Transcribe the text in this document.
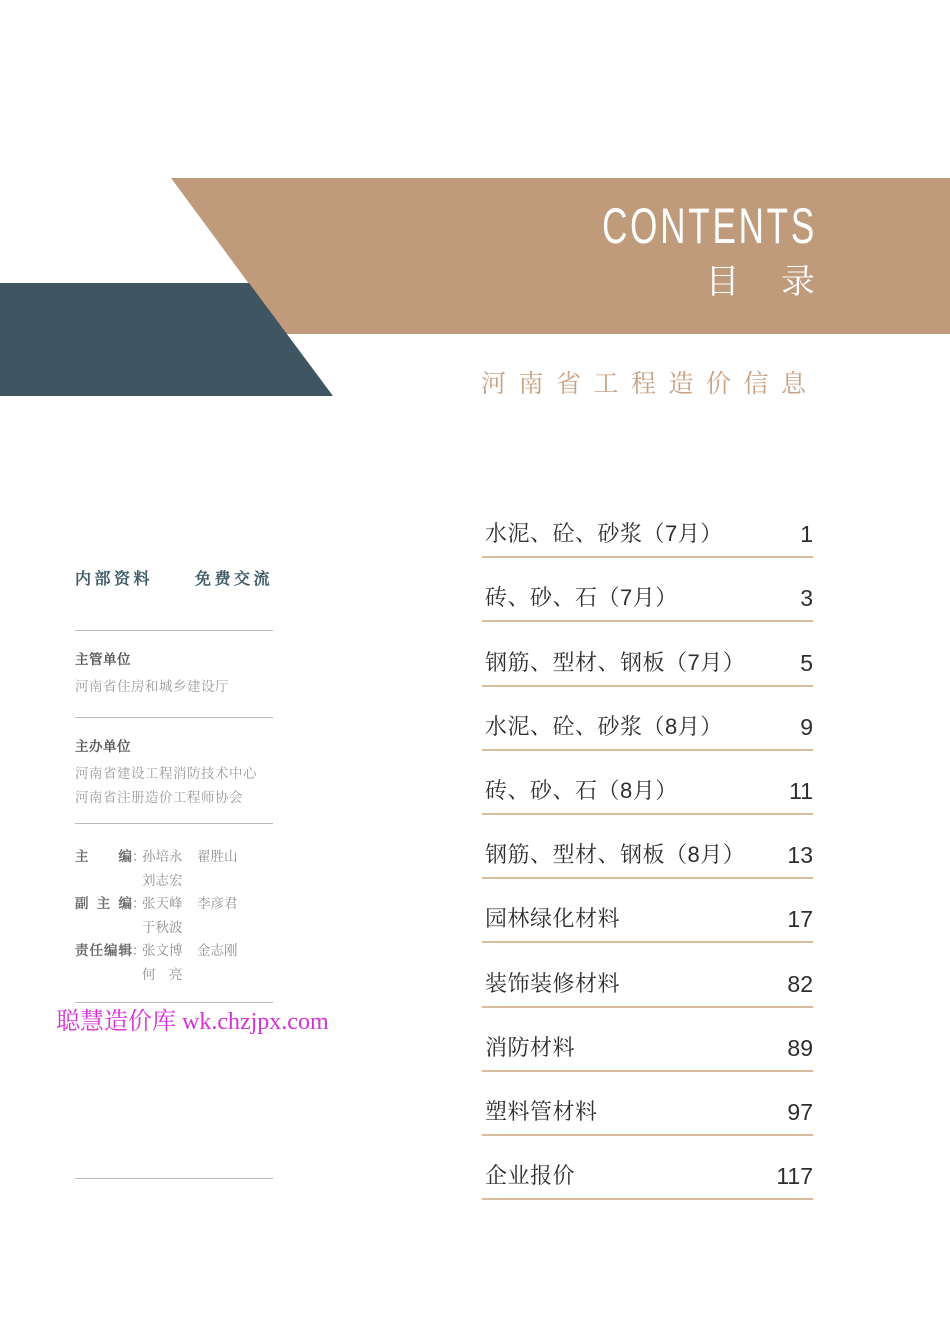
CONTENTS
目 录
河南省工程造价信息
内部资料	免费交流
主管单位
河南省住房和城乡建设厅
主办单位
河南省建设工程消防技术中心
河南省注册造价工程师协会
主编：孙培永 翟胜山
刘志宏
副主编：张天峰 李彦君
于秋波
责任编辑：张文博 金志刚
何　亮
聪慧造价库 wk.chzjpx.com
水泥、砼、砂浆（7月）	1
砖、砂、石（7月）	3
钢筋、型材、钢板（7月） 5
水泥、砼、砂浆（8月）	9
砖、砂、石（8月）	11
钢筋、型材、钢板（8月） 13
园林绿化材料	17
装饰装修材料	82
消防材料	89
塑料管材料	97
企业报价	117
